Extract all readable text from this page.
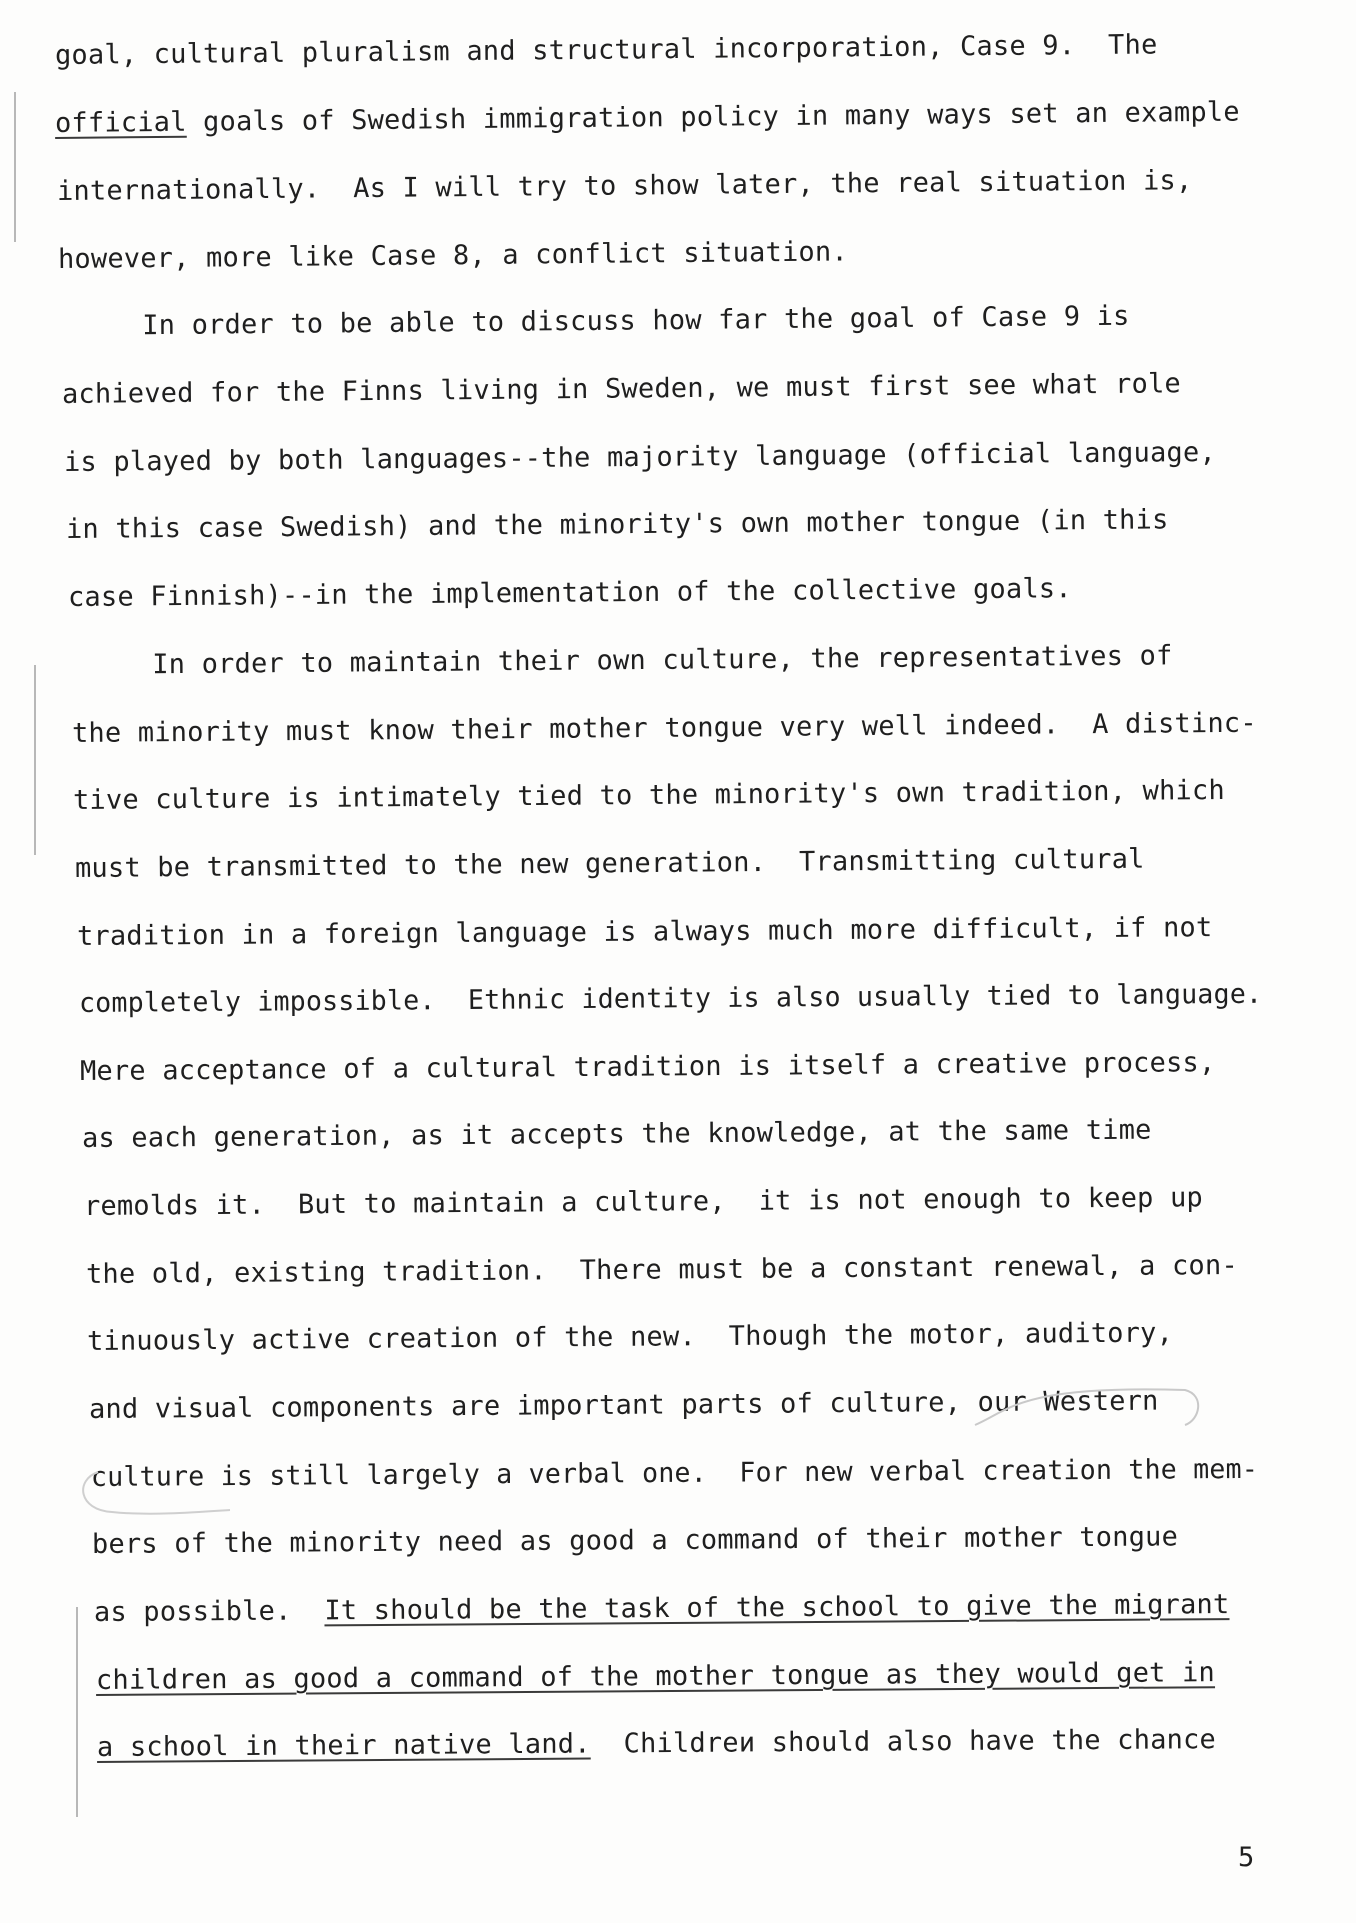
goal, cultural pluralism and structural incorporation, Case 9.  The
official goals of Swedish immigration policy in many ways set an example
internationally.  As I will try to show later, the real situation is,
however, more like Case 8, a conflict situation.
In order to be able to discuss how far the goal of Case 9 is
achieved for the Finns living in Sweden, we must first see what role
is played by both languages--the majority language (official language,
in this case Swedish) and the minority's own mother tongue (in this
case Finnish)--in the implementation of the collective goals.
In order to maintain their own culture, the representatives of
the minority must know their mother tongue very well indeed.  A distinc-
tive culture is intimately tied to the minority's own tradition, which
must be transmitted to the new generation.  Transmitting cultural
tradition in a foreign language is always much more difficult, if not
completely impossible.  Ethnic identity is also usually tied to language.
Mere acceptance of a cultural tradition is itself a creative process,
as each generation, as it accepts the knowledge, at the same time
remolds it.  But to maintain a culture,  it is not enough to keep up
the old, existing tradition.  There must be a constant renewal, a con-
tinuously active creation of the new.  Though the motor, auditory,
and visual components are important parts of culture, our Western
culture is still largely a verbal one.  For new verbal creation the mem-
bers of the minority need as good a command of their mother tongue
as possible.  It should be the task of the school to give the migrant
children as good a command of the mother tongue as they would get in
a school in their native land.  Childreи should also have the chance
5
